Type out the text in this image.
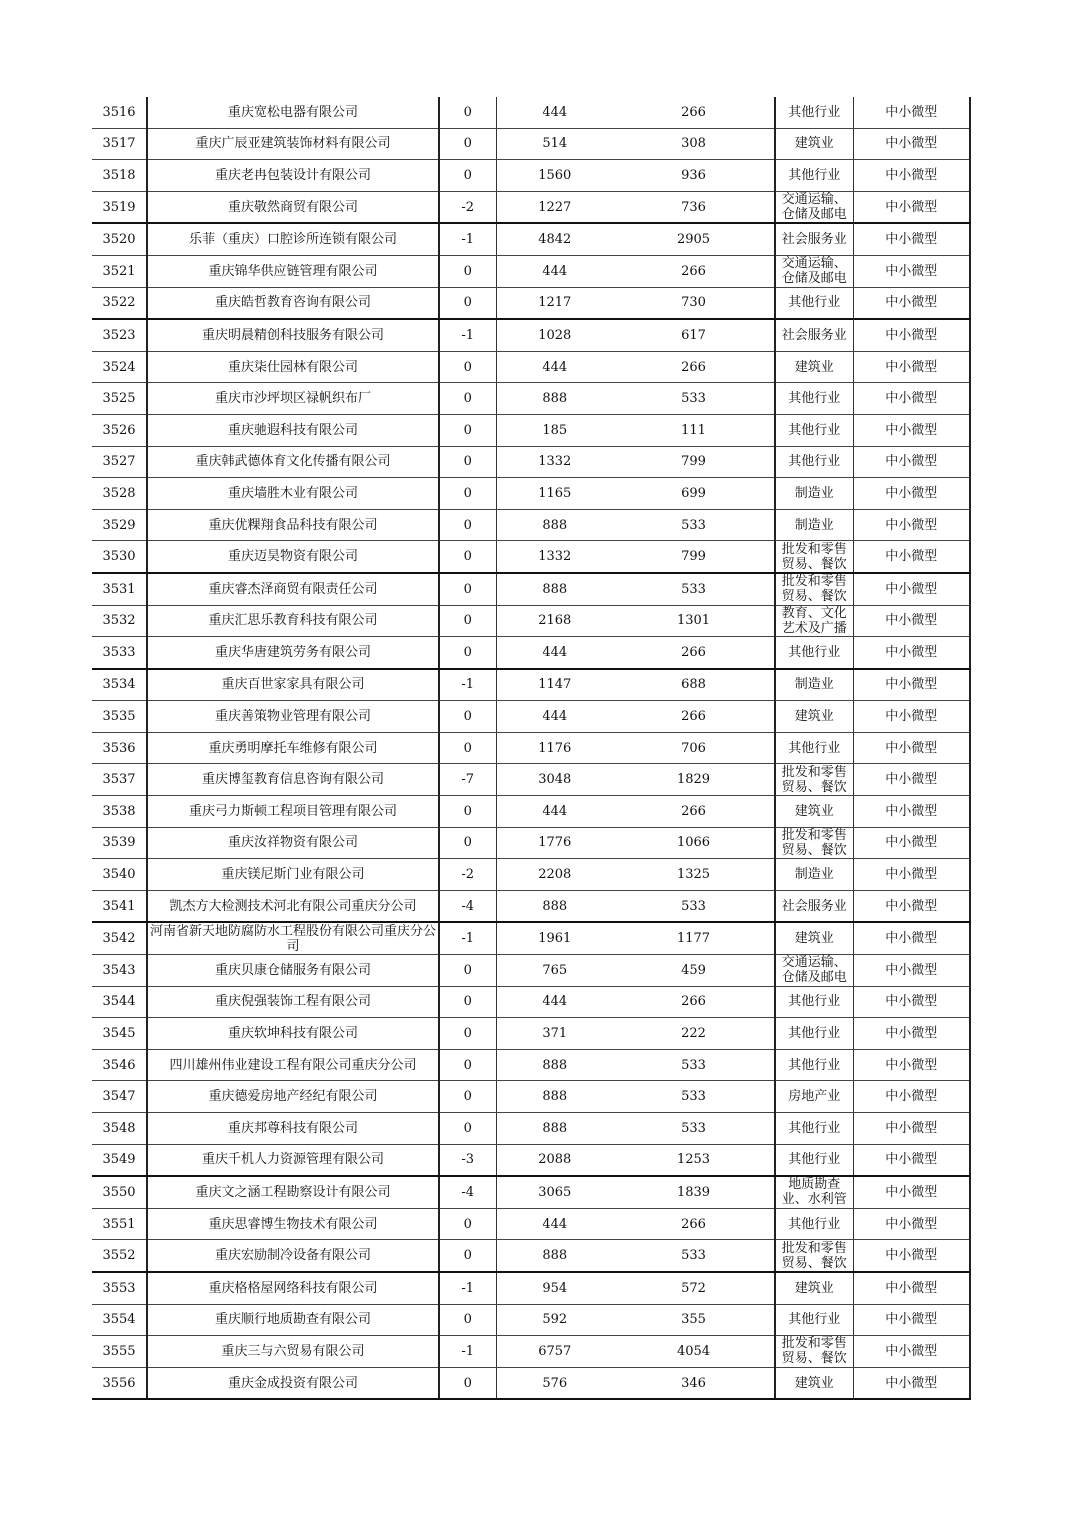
3516	重庆宽松电器有限公司	0	444	266	其他行业	中小微型
3517	重庆广辰亚建筑装饰材料有限公司	0	514	308	建筑业	中小微型
3518	重庆老冉包装设计有限公司	0	1560	936	其他行业	中小微型
3519	重庆敬然商贸有限公司	-2	1227	736	交通运输、仓储及邮电	中小微型
3520	乐菲（重庆）口腔诊所连锁有限公司	-1	4842	2905	社会服务业	中小微型
3521	重庆锦华供应链管理有限公司	0	444	266	交通运输、仓储及邮电	中小微型
3522	重庆皓哲教育咨询有限公司	0	1217	730	其他行业	中小微型
3523	重庆明晨精创科技服务有限公司	-1	1028	617	社会服务业	中小微型
3524	重庆柒仕园林有限公司	0	444	266	建筑业	中小微型
3525	重庆市沙坪坝区禄帆织布厂	0	888	533	其他行业	中小微型
3526	重庆驰遐科技有限公司	0	185	111	其他行业	中小微型
3527	重庆韩武德体育文化传播有限公司	0	1332	799	其他行业	中小微型
3528	重庆墙胜木业有限公司	0	1165	699	制造业	中小微型
3529	重庆优粿翔食品科技有限公司	0	888	533	制造业	中小微型
3530	重庆迈昊物资有限公司	0	1332	799	批发和零售贸易、餐饮	中小微型
3531	重庆睿杰泽商贸有限责任公司	0	888	533	批发和零售贸易、餐饮	中小微型
3532	重庆汇思乐教育科技有限公司	0	2168	1301	教育、文化艺术及广播	中小微型
3533	重庆华唐建筑劳务有限公司	0	444	266	其他行业	中小微型
3534	重庆百世家家具有限公司	-1	1147	688	制造业	中小微型
3535	重庆善策物业管理有限公司	0	444	266	建筑业	中小微型
3536	重庆勇明摩托车维修有限公司	0	1176	706	其他行业	中小微型
3537	重庆博玺教育信息咨询有限公司	-7	3048	1829	批发和零售贸易、餐饮	中小微型
3538	重庆弓力斯顿工程项目管理有限公司	0	444	266	建筑业	中小微型
3539	重庆汝祥物资有限公司	0	1776	1066	批发和零售贸易、餐饮	中小微型
3540	重庆镁尼斯门业有限公司	-2	2208	1325	制造业	中小微型
3541	凯杰方大检测技术河北有限公司重庆分公司	-4	888	533	社会服务业	中小微型
3542	河南省新天地防腐防水工程股份有限公司重庆分公司	-1	1961	1177	建筑业	中小微型
3543	重庆贝康仓储服务有限公司	0	765	459	交通运输、仓储及邮电	中小微型
3544	重庆倪强装饰工程有限公司	0	444	266	其他行业	中小微型
3545	重庆软坤科技有限公司	0	371	222	其他行业	中小微型
3546	四川雄州伟业建设工程有限公司重庆分公司	0	888	533	其他行业	中小微型
3547	重庆德爱房地产经纪有限公司	0	888	533	房地产业	中小微型
3548	重庆邦尊科技有限公司	0	888	533	其他行业	中小微型
3549	重庆千机人力资源管理有限公司	-3	2088	1253	其他行业	中小微型
3550	重庆文之涵工程勘察设计有限公司	-4	3065	1839	地质勘查业、水利管	中小微型
3551	重庆思睿博生物技术有限公司	0	444	266	其他行业	中小微型
3552	重庆宏励制冷设备有限公司	0	888	533	批发和零售贸易、餐饮	中小微型
3553	重庆格格屋网络科技有限公司	-1	954	572	建筑业	中小微型
3554	重庆顺行地质勘查有限公司	0	592	355	其他行业	中小微型
3555	重庆三与六贸易有限公司	-1	6757	4054	批发和零售贸易、餐饮	中小微型
3556	重庆金成投资有限公司	0	576	346	建筑业	中小微型
